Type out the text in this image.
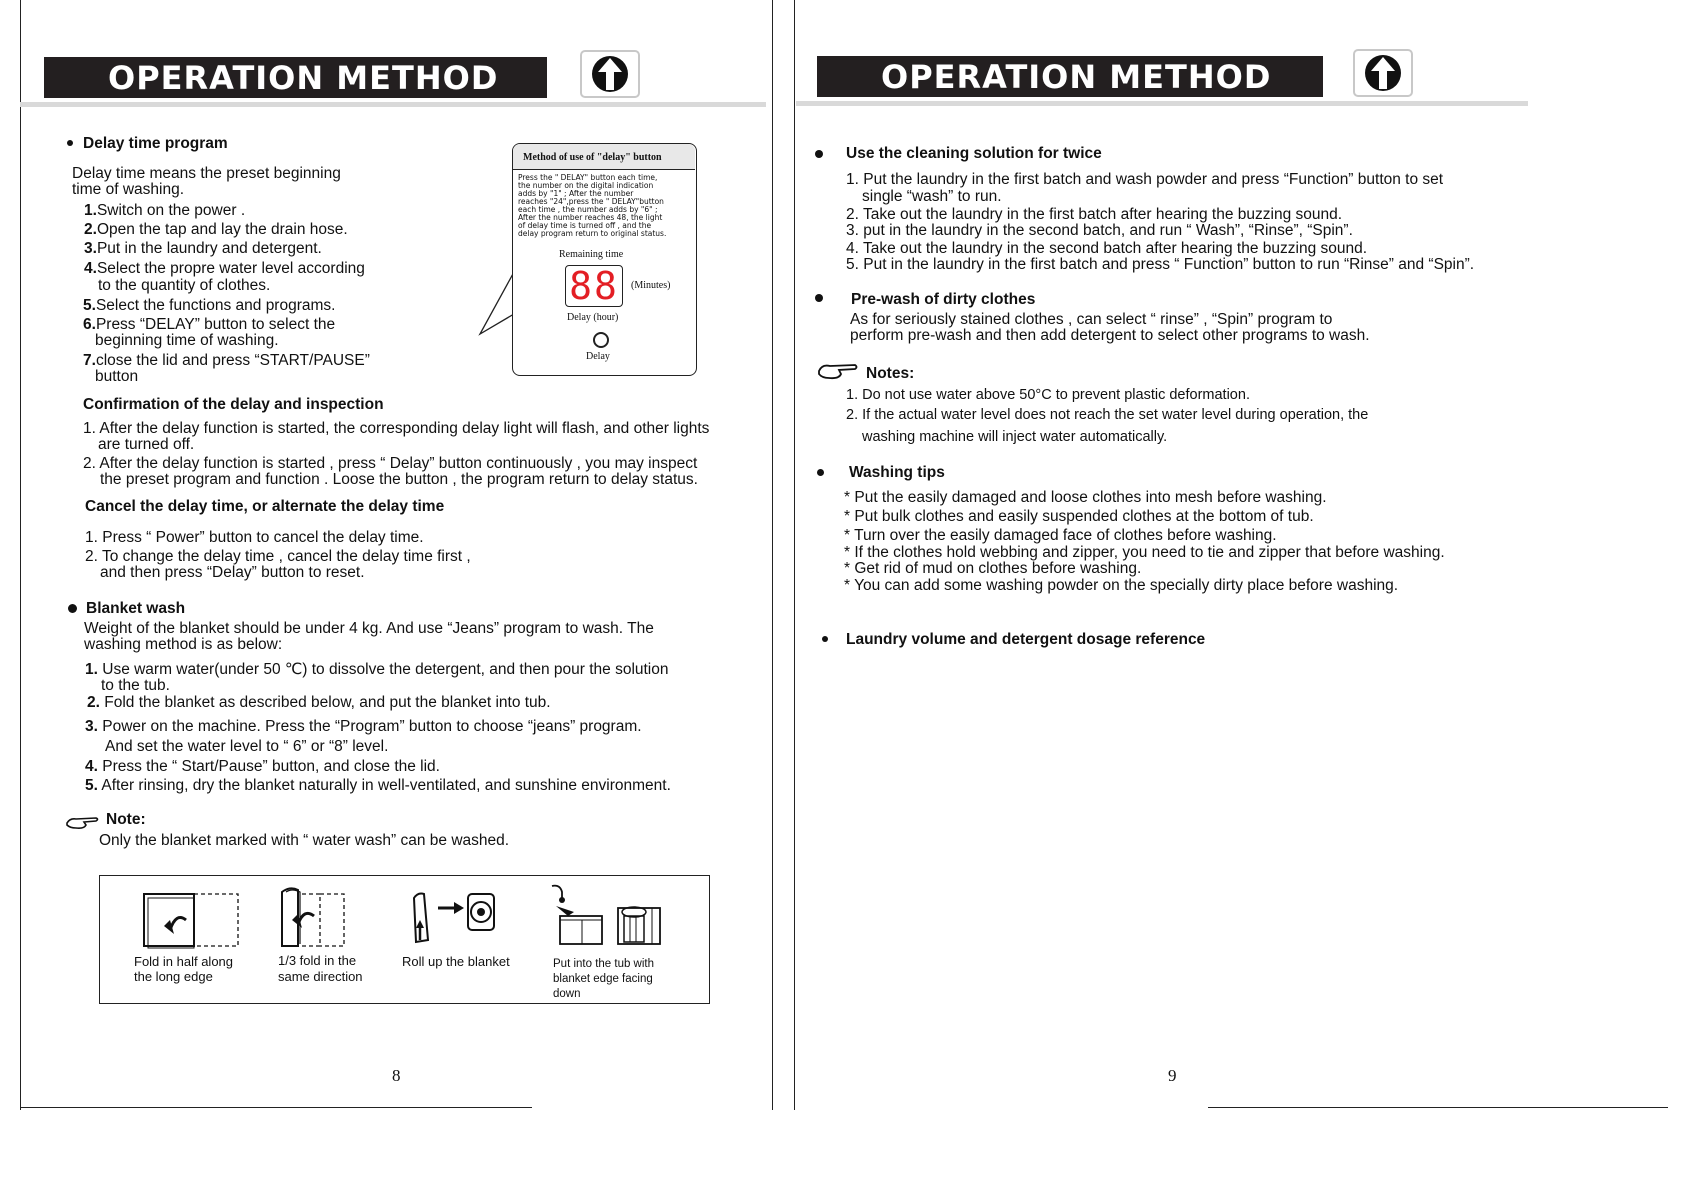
OPERATION METHOD
Delay time program
Delay time means the preset beginning
time of washing.
1.Switch on the power .
2.Open the tap and lay the drain hose.
3.Put in the laundry and detergent.
4.Select the propre water level according
to the quantity of clothes.
5.Select the functions and programs.
6.Press “DELAY” button to select the
beginning time of washing.
7.close the lid and press “START/PAUSE”
button
Method of use of "delay" button
Press the " DELAY" button each time,
the number on the digital indication
adds by "1" ; After the number
reaches "24",press the " DELAY"button
each time , the number adds by "6" ;
After the number reaches 48, the light
of delay time is turned off , and the
delay program return to original status.
Remaining time
88	(Minutes)
Delay (hour)
Delay
Confirmation of the delay and inspection
1. After the delay function is started, the corresponding delay light will flash, and other lights
are turned off.
2. After the delay function is started , press “ Delay” button continuously , you may inspect
the preset program and function . Loose the button , the program return to delay status.
Cancel the delay time, or alternate the delay time
1. Press “ Power” button to cancel the delay time.
2. To change the delay time , cancel the delay time first ,
and then press “Delay” button to reset.
Blanket wash
Weight of the blanket should be under 4 kg. And use “Jeans” program to wash. The
washing method is as below:
1. Use warm water(under 50 ℃) to dissolve the detergent, and then pour the solution
to the tub.
2. Fold the blanket as described below, and put the blanket into tub.
3. Power on the machine. Press the “Program” button to choose “jeans” program.
And set the water level to “ 6” or “8” level.
4. Press the “ Start/Pause” button, and close the lid.
5. After rinsing, dry the blanket naturally in well-ventilated, and sunshine environment.
Note:
Only the blanket marked with “ water wash” can be washed.
Fold in half along
the long edge
1/3 fold in the
same direction
Roll up the blanket	Put into the tub with
blanket edge facing
down
8
OPERATION METHOD
Use the cleaning solution for twice
1. Put the laundry in the first batch and wash powder and press “Function” button to set
single “wash” to run.
2. Take out the laundry in the first batch after hearing the buzzing sound.
3. put in the laundry in the second batch, and run “ Wash”, “Rinse”, “Spin”.
4. Take out the laundry in the second batch after hearing the buzzing sound.
5. Put in the laundry in the first batch and press “ Function” button to run “Rinse” and “Spin”.
Pre-wash of dirty clothes
As for seriously stained clothes , can select “ rinse” , “Spin” program to
perform pre-wash and then add detergent to select other programs to wash.
Notes:
1. Do not use water above 50°C to prevent plastic deformation.
2. If the actual water level does not reach the set water level during operation, the
washing machine will inject water automatically.
Washing tips
* Put the easily damaged and loose clothes into mesh before washing.
* Put bulk clothes and easily suspended clothes at the bottom of tub.
* Turn over the easily damaged face of clothes before washing.
* If the clothes hold webbing and zipper, you need to tie and zipper that before washing.
* Get rid of mud on clothes before washing.
* You can add some washing powder on the specially dirty place before washing.
Laundry volume and detergent dosage reference
9
